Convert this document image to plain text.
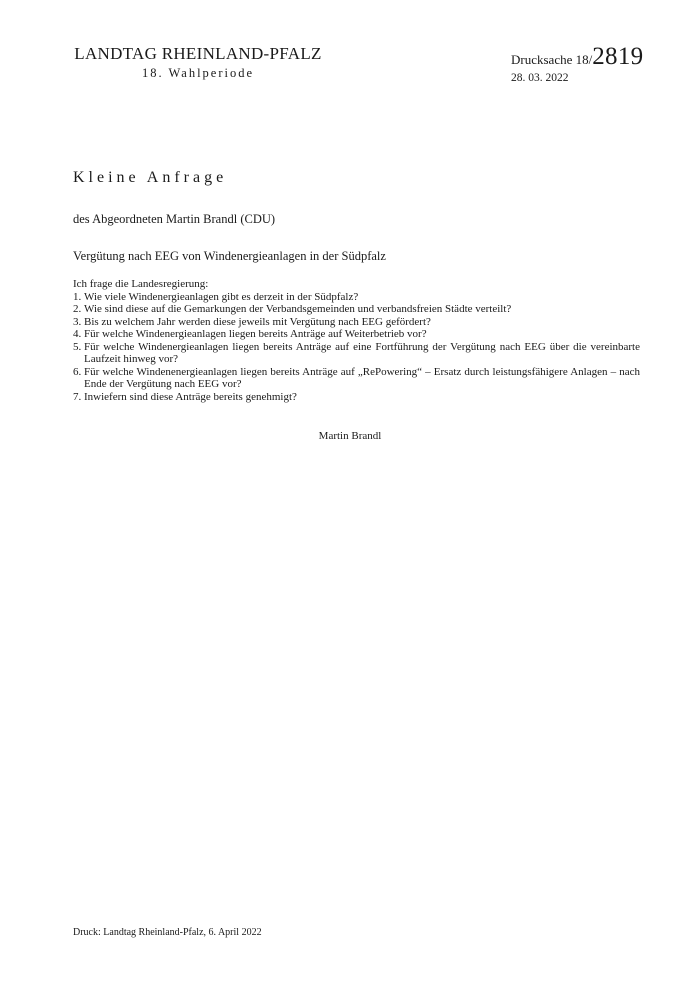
LANDTAG RHEINLAND-PFALZ
18. Wahlperiode
Drucksache 18/2819
28. 03. 2022
Kleine Anfrage
des Abgeordneten Martin Brandl (CDU)
Vergütung nach EEG von Windenergieanlagen in der Südpfalz
Ich frage die Landesregierung:
1. Wie viele Windenergieanlagen gibt es derzeit in der Südpfalz?
2. Wie sind diese auf die Gemarkungen der Verbandsgemeinden und verbandsfreien Städte verteilt?
3. Bis zu welchem Jahr werden diese jeweils mit Vergütung nach EEG gefördert?
4. Für welche Windenergieanlagen liegen bereits Anträge auf Weiterbetrieb vor?
5. Für welche Windenergieanlagen liegen bereits Anträge auf eine Fortführung der Vergütung nach EEG über die vereinbarte Laufzeit hinweg vor?
6. Für welche Windenenergieanlagen liegen bereits Anträge auf „RePowering“ – Ersatz durch leistungsfähigere Anlagen – nach Ende der Vergütung nach EEG vor?
7. Inwiefern sind diese Anträge bereits genehmigt?
Martin Brandl
Druck: Landtag Rheinland-Pfalz, 6. April 2022
